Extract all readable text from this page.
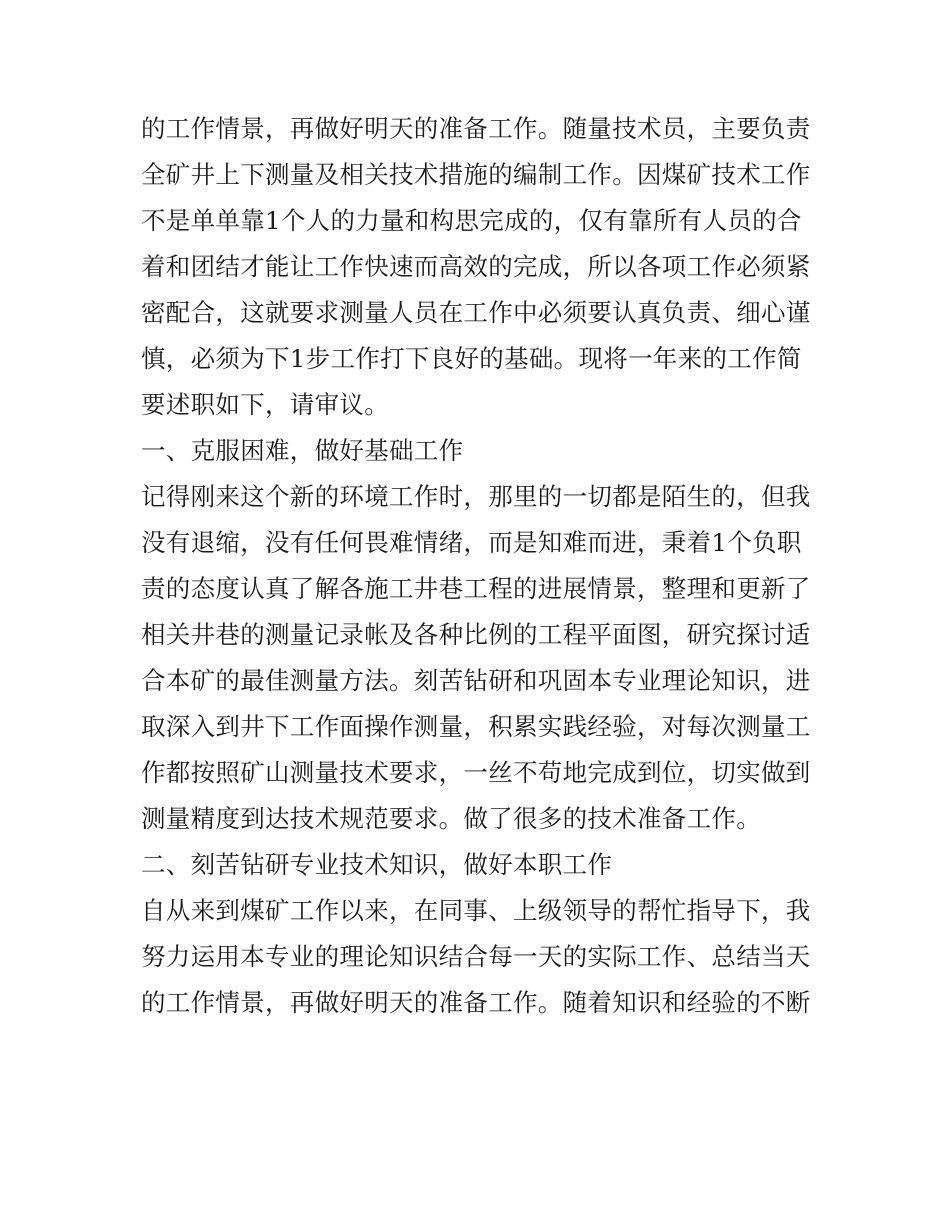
的工作情景，再做好明天的准备工作。随量技术员，主要负责
全矿井上下测量及相关技术措施的编制工作。因煤矿技术工作
不是单单靠1个人的力量和构思完成的，仅有靠所有人员的合
着和团结才能让工作快速而高效的完成，所以各项工作必须紧
密配合，这就要求测量人员在工作中必须要认真负责、细心谨
慎，必须为下1步工作打下良好的基础。现将一年来的工作简
要述职如下，请审议。
一、克服困难，做好基础工作
记得刚来这个新的环境工作时，那里的一切都是陌生的，但我
没有退缩，没有任何畏难情绪，而是知难而进，秉着1个负职
责的态度认真了解各施工井巷工程的进展情景，整理和更新了
相关井巷的测量记录帐及各种比例的工程平面图，研究探讨适
合本矿的最佳测量方法。刻苦钻研和巩固本专业理论知识，进
取深入到井下工作面操作测量，积累实践经验，对每次测量工
作都按照矿山测量技术要求，一丝不苟地完成到位，切实做到
测量精度到达技术规范要求。做了很多的技术准备工作。
二、刻苦钻研专业技术知识，做好本职工作
自从来到煤矿工作以来，在同事、上级领导的帮忙指导下，我
努力运用本专业的理论知识结合每一天的实际工作、总结当天
的工作情景，再做好明天的准备工作。随着知识和经验的不断
